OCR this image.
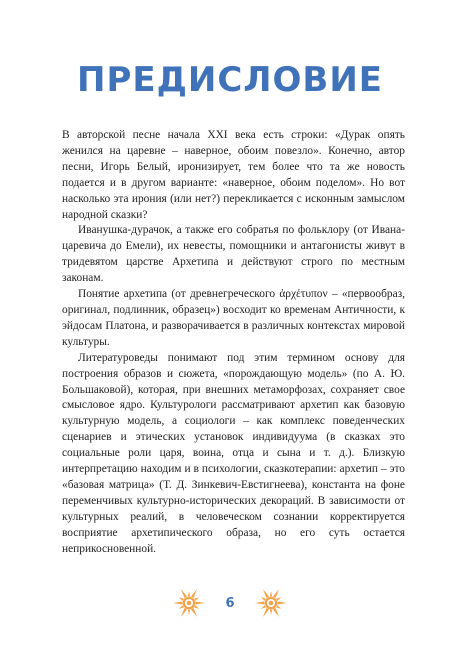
ПРЕДИСЛОВИЕ

В авторской песне начала XXI века есть строки: «Дурак опять женился на царевне – наверное, обоим повезло». Конечно, автор песни, Игорь Белый, иронизирует, тем более что та же новость подается и в другом варианте: «наверное, обоим поделом». Но вот насколько эта ирония (или нет?) перекликается с исконным замыслом народной сказки?

Иванушка-дурачок, а также его собратья по фольклору (от Ивана-царевича до Емели), их невесты, помощники и антагонисты живут в тридевятом царстве Архетипа и действуют строго по местным законам.

Понятие архетипа (от древнегреческого ἀρχέτυπον – «первообраз, оригинал, подлинник, образец») восходит ко временам Античности, к эйдосам Платона, и разворачивается в различных контекстах мировой культуры.

Литературоведы понимают под этим термином основу для построения образов и сюжета, «порождающую модель» (по А. Ю. Большаковой), которая, при внешних метаморфозах, сохраняет свое смысловое ядро. Культурологи рассматривают архетип как базовую культурную модель, а социологи – как комплекс поведенческих сценариев и этических установок индивидуума (в сказках это социальные роли царя, воина, отца и сына и т. д.). Близкую интерпретацию находим и в психологии, сказкотерапии: архетип – это «базовая матрица» (Т. Д. Зинкевич-Евстигнеева), константа на фоне переменчивых культурно-исторических декораций. В зависимости от культурных реалий, в человеческом сознании корректируется восприятие архетипического образа, но его суть остается неприкосновенной.

6
